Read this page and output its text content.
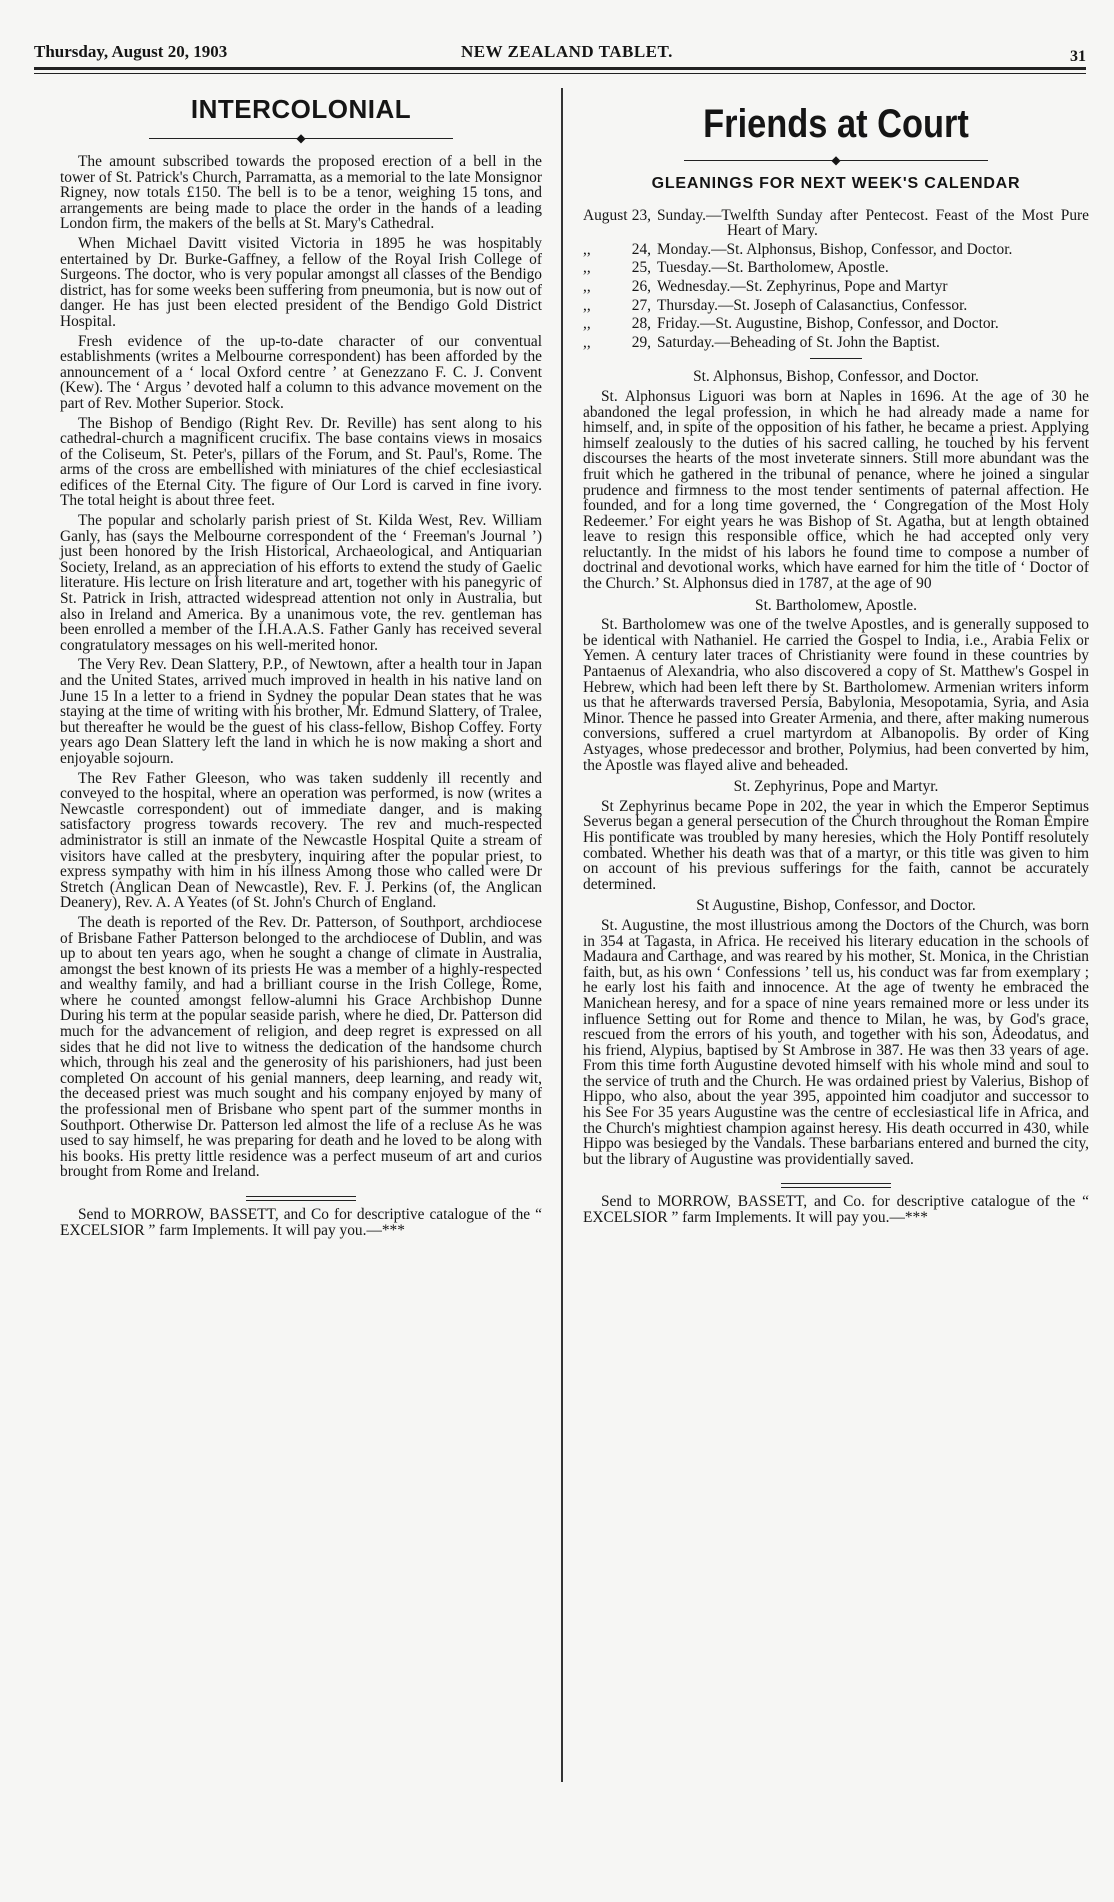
Thursday, August 20, 1903	NEW ZEALAND TABLET.	31
INTERCOLONIAL
◆

The amount subscribed towards the proposed erection of a bell in the tower of St. Patrick's Church, Parramatta, as a memorial to the late Monsignor Rigney, now totals £150. The bell is to be a tenor, weighing 15 tons, and arrangements are being made to place the order in the hands of a leading London firm, the makers of the bells at St. Mary's Cathedral.

When Michael Davitt visited Victoria in 1895 he was hospitably entertained by Dr. Burke-Gaffney, a fellow of the Royal Irish College of Surgeons. The doctor, who is very popular amongst all classes of the Bendigo district, has for some weeks been suffering from pneumonia, but is now out of danger. He has just been elected president of the Bendigo Gold District Hospital.

Fresh evidence of the up-to-date character of our conventual establishments (writes a Melbourne correspondent) has been afforded by the announcement of a ‘ local Oxford centre ’ at Genezzano F. C. J. Convent (Kew). The ‘ Argus ’ devoted half a column to this advance movement on the part of Rev. Mother Superior. Stock.

The Bishop of Bendigo (Right Rev. Dr. Reville) has sent along to his cathedral-church a magnificent crucifix. The base contains views in mosaics of the Coliseum, St. Peter's, pillars of the Forum, and St. Paul's, Rome. The arms of the cross are embellished with miniatures of the chief ecclesiastical edifices of the Eternal City. The figure of Our Lord is carved in fine ivory. The total height is about three feet.

The popular and scholarly parish priest of St. Kilda West, Rev. William Ganly, has (says the Melbourne correspondent of the ‘ Freeman's Journal ’) just been honored by the Irish Historical, Archaeological, and Antiquarian Society, Ireland, as an appreciation of his efforts to extend the study of Gaelic literature. His lecture on Irish literature and art, together with his panegyric of St. Patrick in Irish, attracted widespread attention not only in Australia, but also in Ireland and America. By a unanimous vote, the rev. gentleman has been enrolled a member of the I.H.A.A.S. Father Ganly has received several congratulatory messages on his well-merited honor.

The Very Rev. Dean Slattery, P.P., of Newtown, after a health tour in Japan and the United States, arrived much improved in health in his native land on June 15 In a letter to a friend in Sydney the popular Dean states that he was staying at the time of writing with his brother, Mr. Edmund Slattery, of Tralee, but thereafter he would be the guest of his class-fellow, Bishop Coffey. Forty years ago Dean Slattery left the land in which he is now making a short and enjoyable sojourn.

The Rev Father Gleeson, who was taken suddenly ill recently and conveyed to the hospital, where an operation was performed, is now (writes a Newcastle correspondent) out of immediate danger, and is making satisfactory progress towards recovery. The rev and much-respected administrator is still an inmate of the Newcastle Hospital Quite a stream of visitors have called at the presbytery, inquiring after the popular priest, to express sympathy with him in his illness Among those who called were Dr Stretch (Anglican Dean of Newcastle), Rev. F. J. Perkins (of, the Anglican Deanery), Rev. A. A Yeates (of St. John's Church of England.

The death is reported of the Rev. Dr. Patterson, of Southport, archdiocese of Brisbane Father Patterson belonged to the archdiocese of Dublin, and was up to about ten years ago, when he sought a change of climate in Australia, amongst the best known of its priests He was a member of a highly-respected and wealthy family, and had a brilliant course in the Irish College, Rome, where he counted amongst fellow-alumni his Grace Archbishop Dunne During his term at the popular seaside parish, where he died, Dr. Patterson did much for the advancement of religion, and deep regret is expressed on all sides that he did not live to witness the dedication of the handsome church which, through his zeal and the generosity of his parishioners, had just been completed On account of his genial manners, deep learning, and ready wit, the deceased priest was much sought and his company enjoyed by many of the professional men of Brisbane who spent part of the summer months in Southport. Otherwise Dr. Patterson led almost the life of a recluse As he was used to say himself, he was preparing for death and he loved to be along with his books. His pretty little residence was a perfect museum of art and curios brought from Rome and Ireland.

Send to MORROW, BASSETT, and Co for descriptive catalogue of the “ EXCELSIOR ” farm Implements. It will pay you.—***

Friends at Court
◆
GLEANINGS FOR NEXT WEEK'S CALENDAR
August 23, Sunday.—Twelfth Sunday after Pentecost. Feast of the Most Pure Heart of Mary.
,,	24, Monday.—St. Alphonsus, Bishop, Confessor, and Doctor.
,,	25, Tuesday.—St. Bartholomew, Apostle.
,,	26, Wednesday.—St. Zephyrinus, Pope and Martyr
,,	27, Thursday.—St. Joseph of Calasanctius, Confessor.
,,	28, Friday.—St. Augustine, Bishop, Confessor, and Doctor.
,,	29, Saturday.—Beheading of St. John the Baptist.
St. Alphonsus, Bishop, Confessor, and Doctor.

St. Alphonsus Liguori was born at Naples in 1696. At the age of 30 he abandoned the legal profession, in which he had already made a name for himself, and, in spite of the opposition of his father, he became a priest. Applying himself zealously to the duties of his sacred calling, he touched by his fervent discourses the hearts of the most inveterate sinners. Still more abundant was the fruit which he gathered in the tribunal of penance, where he joined a singular prudence and firmness to the most tender sentiments of paternal affection. He founded, and for a long time governed, the ‘ Congregation of the Most Holy Redeemer.’ For eight years he was Bishop of St. Agatha, but at length obtained leave to resign this responsible office, which he had accepted only very reluctantly. In the midst of his labors he found time to compose a number of doctrinal and devotional works, which have earned for him the title of ‘ Doctor of the Church.’ St. Alphonsus died in 1787, at the age of 90

St. Bartholomew, Apostle.

St. Bartholomew was one of the twelve Apostles, and is generally supposed to be identical with Nathaniel. He carried the Gospel to India, i.e., Arabia Felix or Yemen. A century later traces of Christianity were found in these countries by Pantaenus of Alexandria, who also discovered a copy of St. Matthew's Gospel in Hebrew, which had been left there by St. Bartholomew. Armenian writers inform us that he afterwards traversed Persia, Babylonia, Mesopotamia, Syria, and Asia Minor. Thence he passed into Greater Armenia, and there, after making numerous conversions, suffered a cruel martyrdom at Albanopolis. By order of King Astyages, whose predecessor and brother, Polymius, had been converted by him, the Apostle was flayed alive and beheaded.

St. Zephyrinus, Pope and Martyr.

St Zephyrinus became Pope in 202, the year in which the Emperor Septimus Severus began a general persecution of the Church throughout the Roman Empire His pontificate was troubled by many heresies, which the Holy Pontiff resolutely combated. Whether his death was that of a martyr, or this title was given to him on account of his previous sufferings for the faith, cannot be accurately determined.

St Augustine, Bishop, Confessor, and Doctor.

St. Augustine, the most illustrious among the Doctors of the Church, was born in 354 at Tagasta, in Africa. He received his literary education in the schools of Madaura and Carthage, and was reared by his mother, St. Monica, in the Christian faith, but, as his own ‘ Confessions ’ tell us, his conduct was far from exemplary ; he early lost his faith and innocence. At the age of twenty he embraced the Manichean heresy, and for a space of nine years remained more or less under its influence Setting out for Rome and thence to Milan, he was, by God's grace, rescued from the errors of his youth, and together with his son, Adeodatus, and his friend, Alypius, baptised by St Ambrose in 387. He was then 33 years of age. From this time forth Augustine devoted himself with his whole mind and soul to the service of truth and the Church. He was ordained priest by Valerius, Bishop of Hippo, who also, about the year 395, appointed him coadjutor and successor to his See For 35 years Augustine was the centre of ecclesiastical life in Africa, and the Church's mightiest champion against heresy. His death occurred in 430, while Hippo was besieged by the Vandals. These barbarians entered and burned the city, but the library of Augustine was providentially saved.

Send to MORROW, BASSETT, and Co. for descriptive catalogue of the “ EXCELSIOR ” farm Implements. It will pay you.—***
